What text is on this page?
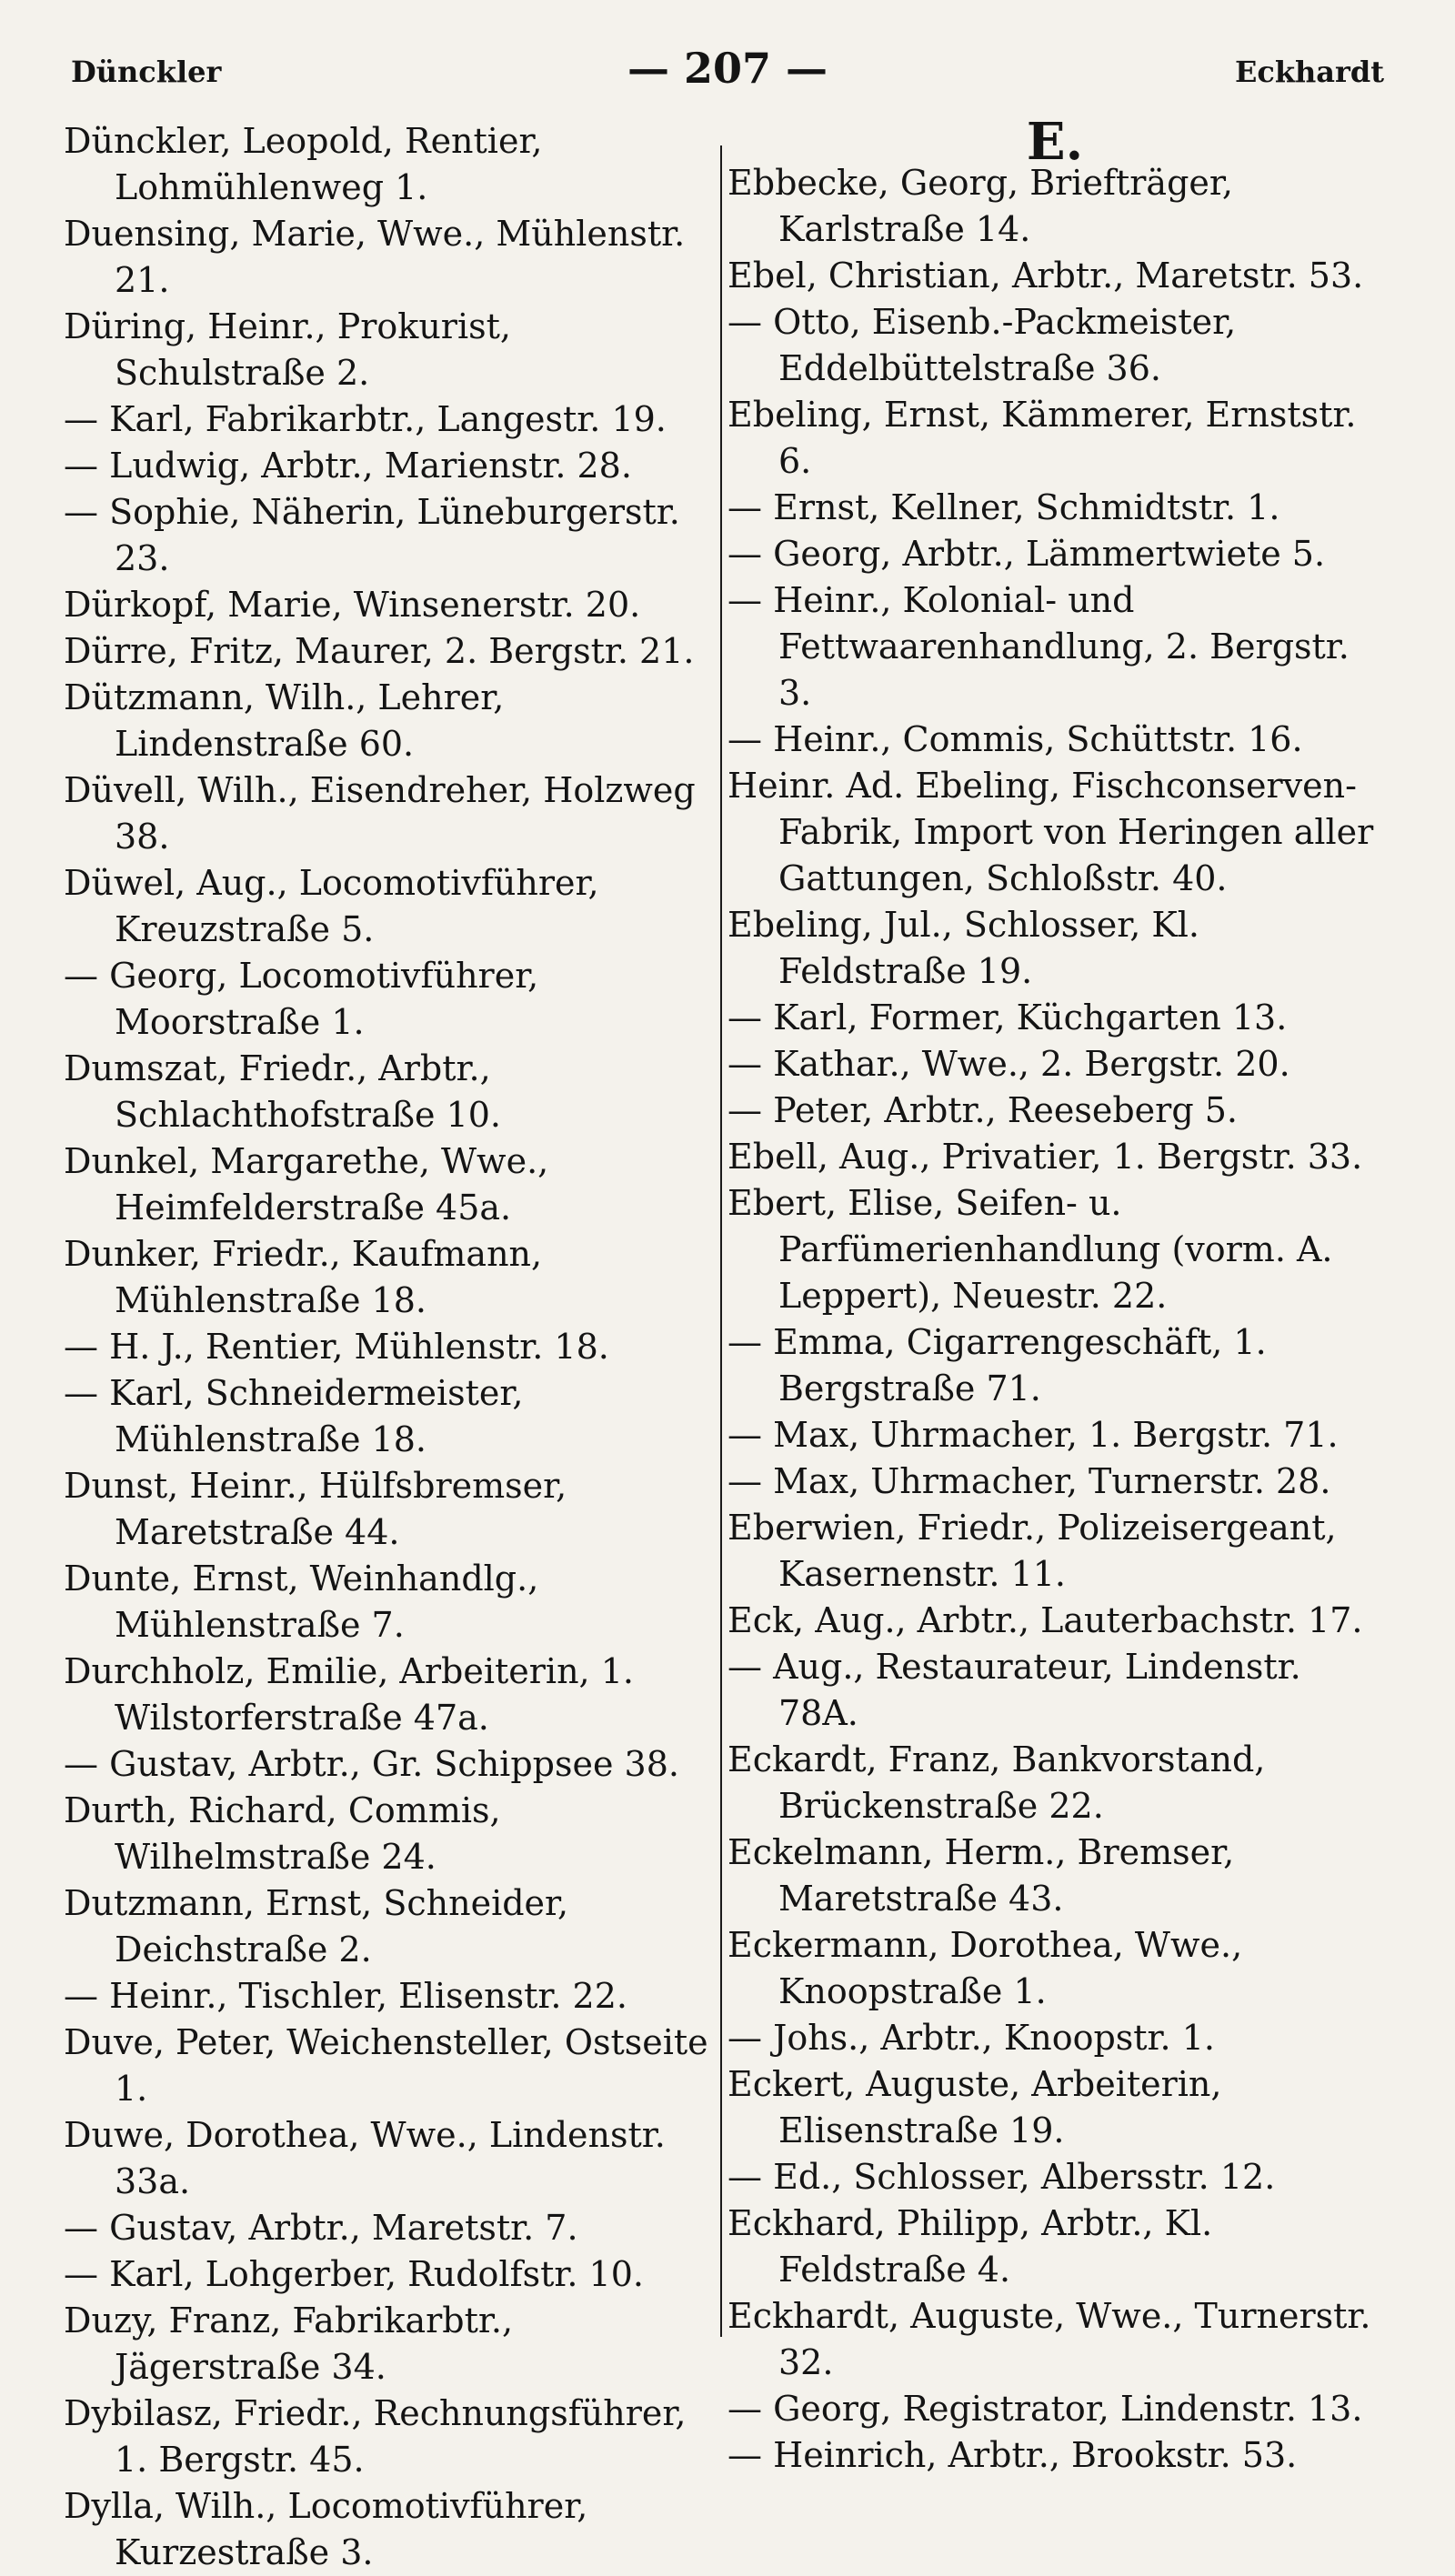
Dünckler	— 207 —	Eckhardt

Dünckler, Leopold, Rentier, Lohmühlenweg 1.

Duensing, Marie, Wwe., Mühlenstr. 21.

Düring, Heinr., Prokurist, Schulstraße 2.

— Karl, Fabrikarbtr., Langestr. 19.

— Ludwig, Arbtr., Marienstr. 28.

— Sophie, Näherin, Lüneburgerstr. 23.

Dürkopf, Marie, Winsenerstr. 20.

Dürre, Fritz, Maurer, 2. Bergstr. 21.

Dützmann, Wilh., Lehrer, Lindenstraße 60.

Düvell, Wilh., Eisendreher, Holzweg 38.

Düwel, Aug., Locomotivführer, Kreuzstraße 5.

— Georg, Locomotivführer, Moorstraße 1.

Dumszat, Friedr., Arbtr., Schlachthofstraße 10.

Dunkel, Margarethe, Wwe., Heimfelderstraße 45a.

Dunker, Friedr., Kaufmann, Mühlenstraße 18.

— H. J., Rentier, Mühlenstr. 18.

— Karl, Schneidermeister, Mühlenstraße 18.

Dunst, Heinr., Hülfsbremser, Maretstraße 44.

Dunte, Ernst, Weinhandlg., Mühlenstraße 7.

Durchholz, Emilie, Arbeiterin, 1. Wilstorferstraße 47a.

— Gustav, Arbtr., Gr. Schippsee 38.

Durth, Richard, Commis, Wilhelmstraße 24.

Dutzmann, Ernst, Schneider, Deichstraße 2.

— Heinr., Tischler, Elisenstr. 22.

Duve, Peter, Weichensteller, Ostseite 1.

Duwe, Dorothea, Wwe., Lindenstr. 33a.

— Gustav, Arbtr., Maretstr. 7.

— Karl, Lohgerber, Rudolfstr. 10.

Duzy, Franz, Fabrikarbtr., Jägerstraße 34.

Dybilasz, Friedr., Rechnungsführer, 1. Bergstr. 45.

Dylla, Wilh., Locomotivführer, Kurzestraße 3.

E.

Ebbecke, Georg, Briefträger, Karlstraße 14.

Ebel, Christian, Arbtr., Maretstr. 53.

— Otto, Eisenb.-Packmeister, Eddelbüttelstraße 36.

Ebeling, Ernst, Kämmerer, Ernststr. 6.

— Ernst, Kellner, Schmidtstr. 1.

— Georg, Arbtr., Lämmertwiete 5.

— Heinr., Kolonial- und Fettwaarenhandlung, 2. Bergstr. 3.

— Heinr., Commis, Schüttstr. 16.

Heinr. Ad. Ebeling, Fischconserven-Fabrik, Import von Heringen aller Gattungen, Schloßstr. 40.

Ebeling, Jul., Schlosser, Kl. Feldstraße 19.

— Karl, Former, Küchgarten 13.

— Kathar., Wwe., 2. Bergstr. 20.

— Peter, Arbtr., Reeseberg 5.

Ebell, Aug., Privatier, 1. Bergstr. 33.

Ebert, Elise, Seifen- u. Parfümerienhandlung (vorm. A. Leppert), Neuestr. 22.

— Emma, Cigarrengeschäft, 1. Bergstraße 71.

— Max, Uhrmacher, 1. Bergstr. 71.

— Max, Uhrmacher, Turnerstr. 28.

Eberwien, Friedr., Polizeisergeant, Kasernenstr. 11.

Eck, Aug., Arbtr., Lauterbachstr. 17.

— Aug., Restaurateur, Lindenstr. 78A.

Eckardt, Franz, Bankvorstand, Brückenstraße 22.

Eckelmann, Herm., Bremser, Maretstraße 43.

Eckermann, Dorothea, Wwe., Knoopstraße 1.

— Johs., Arbtr., Knoopstr. 1.

Eckert, Auguste, Arbeiterin, Elisenstraße 19.

— Ed., Schlosser, Albersstr. 12.

Eckhard, Philipp, Arbtr., Kl. Feldstraße 4.

Eckhardt, Auguste, Wwe., Turnerstr. 32.

— Georg, Registrator, Lindenstr. 13.

— Heinrich, Arbtr., Brookstr. 53.
